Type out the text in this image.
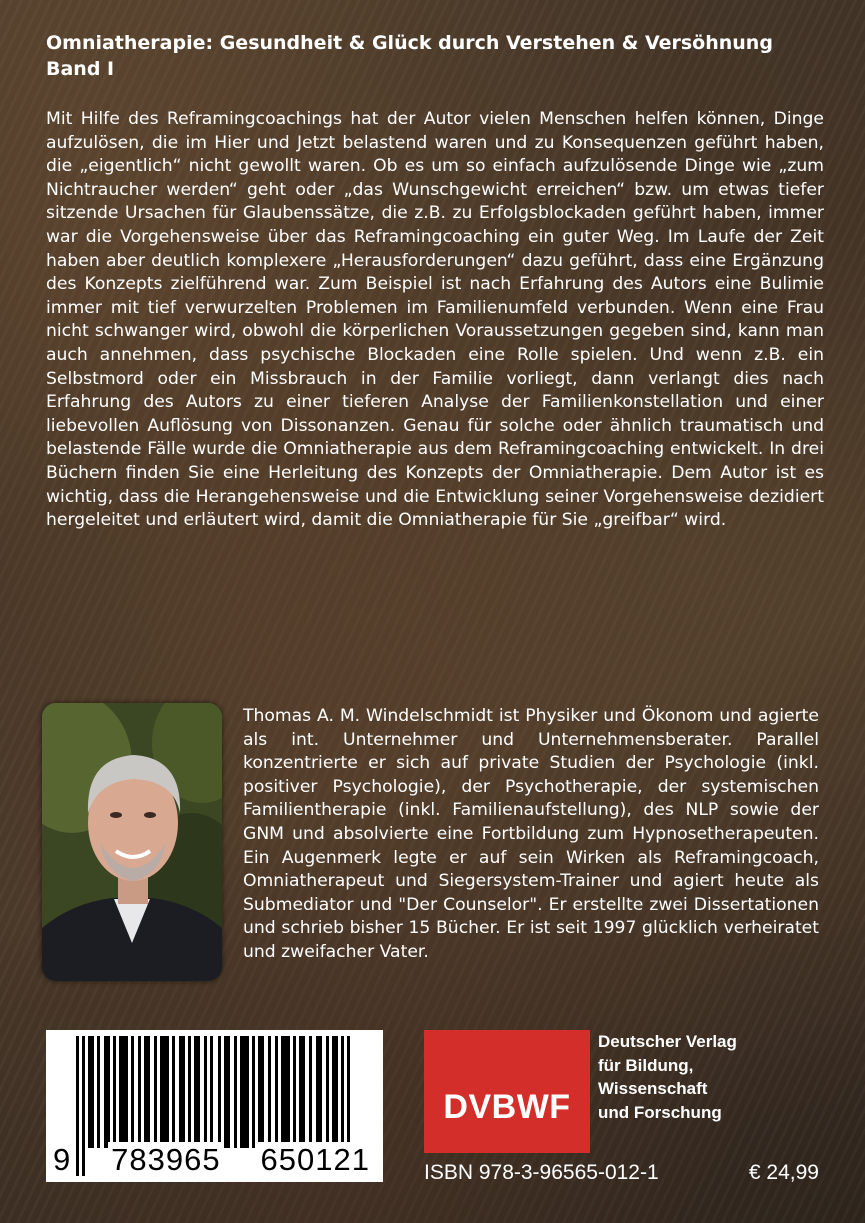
Omniatherapie: Gesundheit & Glück durch Verstehen & Versöhnung
Band I
Mit Hilfe des Reframingcoachings hat der Autor vielen Menschen helfen können, Dinge aufzulösen, die im Hier und Jetzt belastend waren und zu Konsequenzen geführt haben, die „eigentlich“ nicht gewollt waren. Ob es um so einfach aufzulösende Dinge wie „zum Nichtraucher werden“ geht oder „das Wunschgewicht erreichen“ bzw. um etwas tiefer sitzende Ursachen für Glaubenssätze, die z.B. zu Erfolgsblockaden geführt haben, immer war die Vorgehensweise über das Reframingcoaching ein guter Weg. Im Laufe der Zeit haben aber deutlich komplexere „Herausforderungen“ dazu geführt, dass eine Ergänzung des Konzepts zielführend war. Zum Beispiel ist nach Erfahrung des Autors eine Bulimie immer mit tief verwurzelten Problemen im Familienumfeld verbunden. Wenn eine Frau nicht schwanger wird, obwohl die körperlichen Voraussetzungen gegeben sind, kann man auch annehmen, dass psychische Blockaden eine Rolle spielen. Und wenn z.B. ein Selbstmord oder ein Missbrauch in der Familie vorliegt, dann verlangt dies nach Erfahrung des Autors zu einer tieferen Analyse der Familienkonstellation und einer liebevollen Auflösung von Dissonanzen. Genau für solche oder ähnlich traumatisch und belastende Fälle wurde die Omniatherapie aus dem Reframingcoaching entwickelt. In drei Büchern finden Sie eine Herleitung des Konzepts der Omniatherapie. Dem Autor ist es wichtig, dass die Herangehensweise und die Entwicklung seiner Vorgehensweise dezidiert hergeleitet und erläutert wird, damit die Omniatherapie für Sie „greifbar“ wird.
Thomas A. M. Windelschmidt ist Physiker und Ökonom und agierte als int. Unternehmer und Unternehmensberater. Parallel konzentrierte er sich auf private Studien der Psychologie (inkl. positiver Psychologie), der Psychotherapie, der systemischen Familientherapie (inkl. Familienaufstellung), des NLP sowie der GNM und absolvierte eine Fortbildung zum Hypnosetherapeuten. Ein Augenmerk legte er auf sein Wirken als Reframingcoach, Omniatherapeut und Siegersystem-Trainer und agiert heute als Submediator und "Der Counselor". Er erstellte zwei Dissertationen und schrieb bisher 15 Bücher. Er ist seit 1997 glücklich verheiratet und zweifacher Vater.
9 783965 650121
DVBWF
Deutscher Verlag
für Bildung,
Wissenschaft
und Forschung
ISBN 978-3-96565-012-1	€ 24,99
